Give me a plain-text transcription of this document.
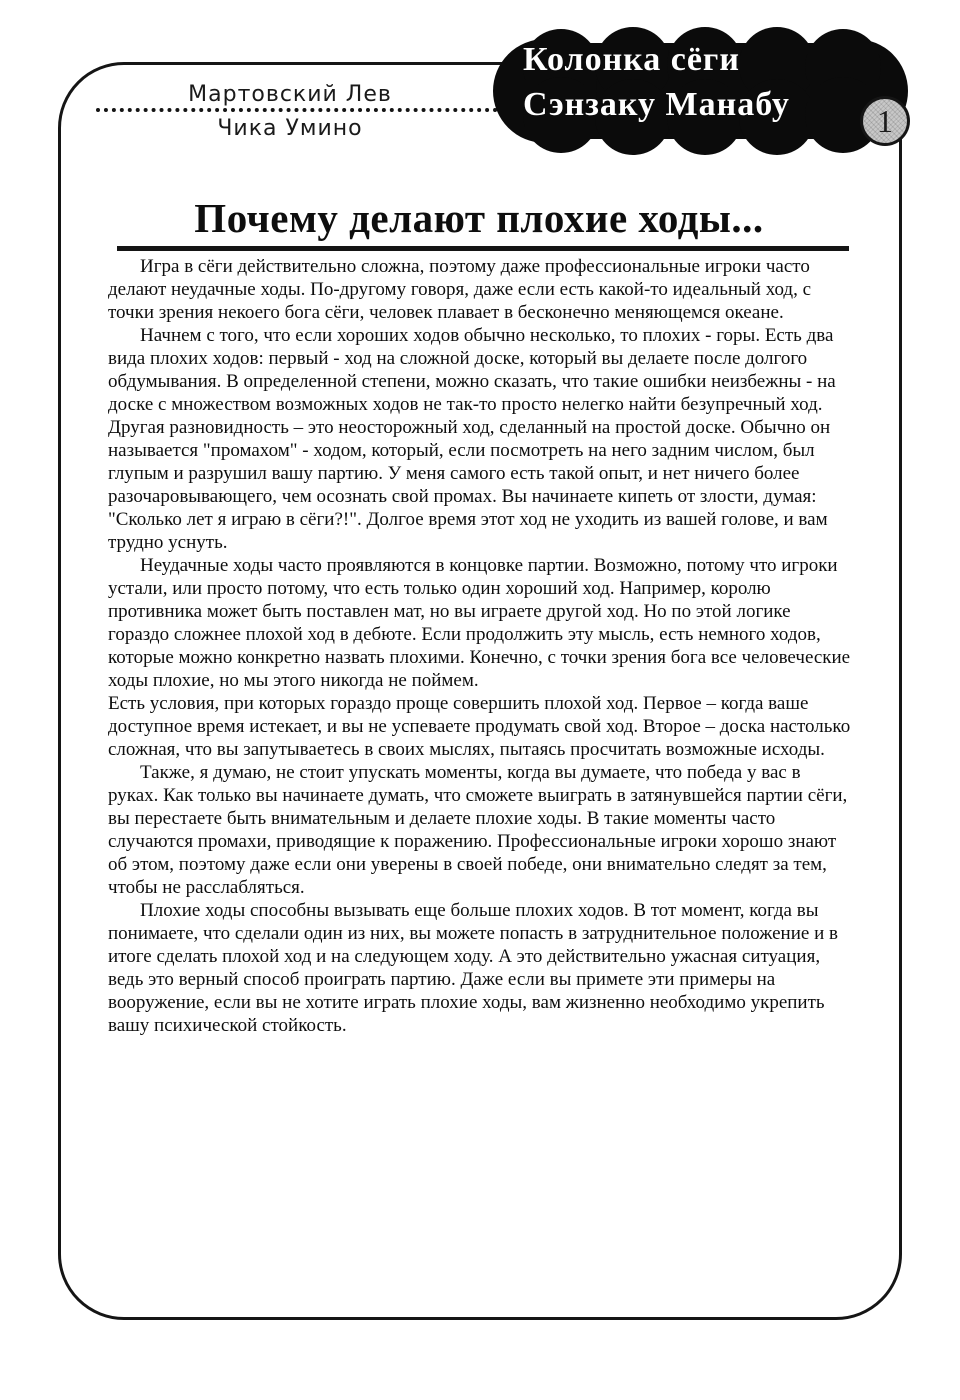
Мартовский Лев
Чика Умино
Колонка сёги
Сэнзаку Манабу	1
Почему делают плохие ходы...

Игра в сёги действительно сложна, поэтому даже профессиональные игроки часто делают неудачные ходы. По-другому говоря, даже если есть какой-то идеальный ход, с точки зрения некоего бога сёги, человек плавает в бесконечно меняющемся океане.

Начнем с того, что если хороших ходов обычно несколько, то плохих - горы. Есть два вида плохих ходов: первый - ход на сложной доске, который вы делаете после долгого обдумывания. В определенной степени, можно сказать, что такие ошибки неизбежны - на доске с множеством возможных ходов не так-то просто нелегко найти безупречный ход. Другая разновидность – это неосторожный ход, сделанный на простой доске. Обычно он называется "промахом" - ходом, который, если посмотреть на него задним числом, был глупым и разрушил вашу партию. У меня самого есть такой опыт, и нет ничего более разочаровывающего, чем осознать свой промах. Вы начинаете кипеть от злости, думая: "Сколько лет я играю в сёги?!". Долгое время этот ход не уходить из вашей голове, и вам трудно уснуть.

Неудачные ходы часто проявляются в концовке партии. Возможно, потому что игроки устали, или просто потому, что есть только один хороший ход. Например, королю противника может быть поставлен мат, но вы играете другой ход. Но по этой логике гораздо сложнее плохой ход в дебюте. Если продолжить эту мысль, есть немного ходов, которые можно конкретно назвать плохими. Конечно, с точки зрения бога все человеческие ходы плохие, но мы этого никогда не поймем.

Есть условия, при которых гораздо проще совершить плохой ход. Первое – когда ваше доступное время истекает, и вы не успеваете продумать свой ход. Второе – доска настолько сложная, что вы запутываетесь в своих мыслях, пытаясь просчитать возможные исходы.

Также, я думаю, не стоит упускать моменты, когда вы думаете, что победа у вас в руках. Как только вы начинаете думать, что сможете выиграть в затянувшейся партии сёги, вы перестаете быть внимательным и делаете плохие ходы. В такие моменты часто случаются промахи, приводящие к поражению. Профессиональные игроки хорошо знают об этом, поэтому даже если они уверены в своей победе, они внимательно следят за тем, чтобы не расслабляться.

Плохие ходы способны вызывать еще больше плохих ходов. В тот момент, когда вы понимаете, что сделали один из них, вы можете попасть в затруднительное положение и в итоге сделать плохой ход и на следующем ходу. А это действительно ужасная ситуация, ведь это верный способ проиграть партию. Даже если вы примете эти примеры на вооружение, если вы не хотите играть плохие ходы, вам жизненно необходимо укрепить вашу психической стойкость.
